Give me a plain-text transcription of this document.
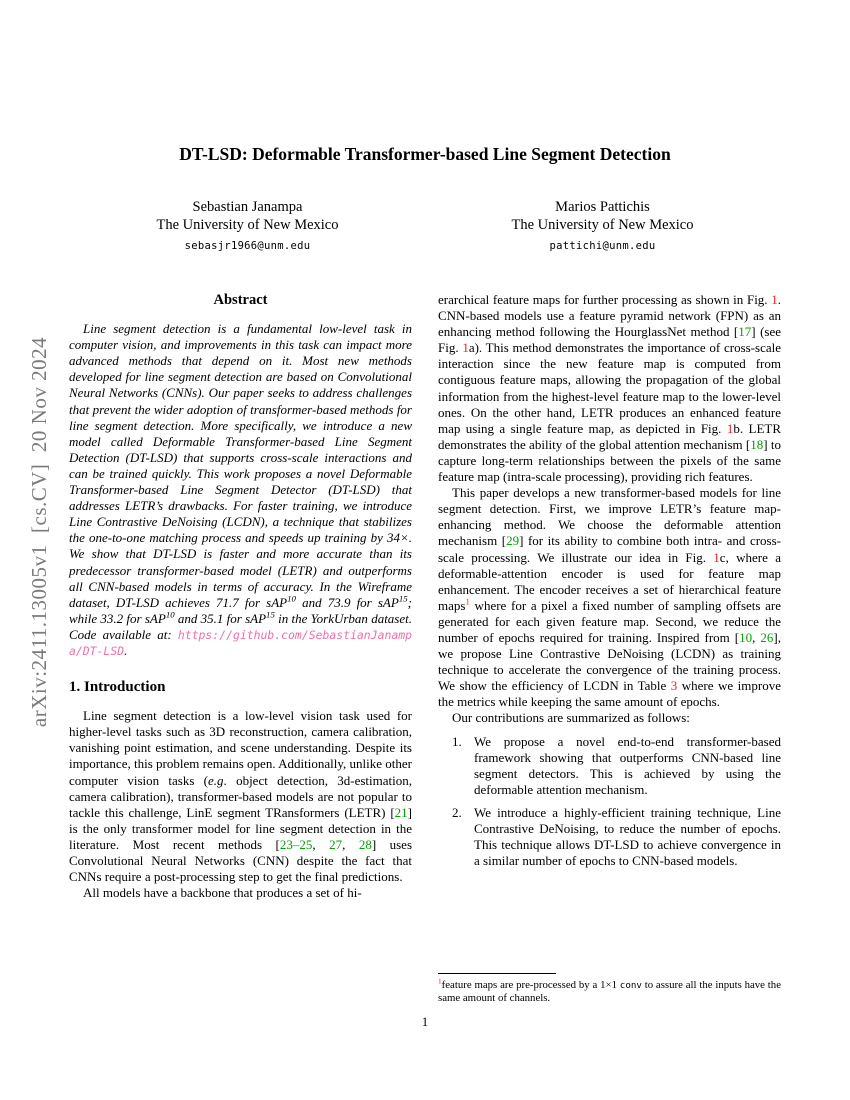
arXiv:2411.13005v1  [cs.CV]  20 Nov 2024
DT-LSD: Deformable Transformer-based Line Segment Detection
Sebastian Janampa
The University of New Mexico
sebasjr1966@unm.edu
Marios Pattichis
The University of New Mexico
pattichi@unm.edu
Abstract

Line segment detection is a fundamental low-level task in computer vision, and improvements in this task can impact more advanced methods that depend on it. Most new methods developed for line segment detection are based on Convolutional Neural Networks (CNNs). Our paper seeks to address challenges that prevent the wider adoption of transformer-based methods for line segment detection. More specifically, we introduce a new model called Deformable Transformer-based Line Segment Detection (DT-LSD) that supports cross-scale interactions and can be trained quickly. This work proposes a novel Deformable Transformer-based Line Segment Detector (DT-LSD) that addresses LETR’s drawbacks. For faster training, we introduce Line Contrastive DeNoising (LCDN), a technique that stabilizes the one-to-one matching process and speeds up training by 34×. We show that DT-LSD is faster and more accurate than its predecessor transformer-based model (LETR) and outperforms all CNN-based models in terms of accuracy. In the Wireframe dataset, DT-LSD achieves 71.7 for sAP$^{10}$ and 73.9 for sAP$^{15}$; while 33.2 for sAP$^{10}$ and 35.1 for sAP$^{15}$ in the YorkUrban dataset. Code available at: https://github.com/SebastianJanampa/DT-LSD.

1. Introduction

Line segment detection is a low-level vision task used for higher-level tasks such as 3D reconstruction, camera calibration, vanishing point estimation, and scene understanding. Despite its importance, this problem remains open. Additionally, unlike other computer vision tasks (e.g. object detection, 3d-estimation, camera calibration), transformer-based models are not popular to tackle this challenge, LinE segment TRansformers (LETR) [21] is the only transformer model for line segment detection in the literature. Most recent methods [23–25, 27, 28] uses Convolutional Neural Networks (CNN) despite the fact that CNNs require a post-processing step to get the final predictions.

All models have a backbone that produces a set of hi-

erarchical feature maps for further processing as shown in Fig. 1. CNN-based models use a feature pyramid network (FPN) as an enhancing method following the HourglassNet method [17] (see Fig. 1a). This method demonstrates the importance of cross-scale interaction since the new feature map is computed from contiguous feature maps, allowing the propagation of the global information from the highest-level feature map to the lower-level ones. On the other hand, LETR produces an enhanced feature map using a single feature map, as depicted in Fig. 1b. LETR demonstrates the ability of the global attention mechanism [18] to capture long-term relationships between the pixels of the same feature map (intra-scale processing), providing rich features.

This paper develops a new transformer-based models for line segment detection. First, we improve LETR’s feature map-enhancing method. We choose the deformable attention mechanism [29] for its ability to combine both intra- and cross-scale processing. We illustrate our idea in Fig. 1c, where a deformable-attention encoder is used for feature map enhancement. The encoder receives a set of hierarchical feature maps$^1$ where for a pixel a fixed number of sampling offsets are generated for each given feature map. Second, we reduce the number of epochs required for training. Inspired from [10, 26], we propose Line Contrastive DeNoising (LCDN) as training technique to accelerate the convergence of the training process. We show the efficiency of LCDN in Table 3 where we improve the metrics while keeping the same amount of epochs.

Our contributions are summarized as follows:

1. We propose a novel end-to-end transformer-based framework showing that outperforms CNN-based line segment detectors. This is achieved by using the deformable attention mechanism.
2. We introduce a highly-efficient training technique, Line Contrastive DeNoising, to reduce the number of epochs. This technique allows DT-LSD to achieve convergence in a similar number of epochs to CNN-based models.

$^1$feature maps are pre-processed by a 1×1 conv to assure all the inputs have the same amount of channels.

1
